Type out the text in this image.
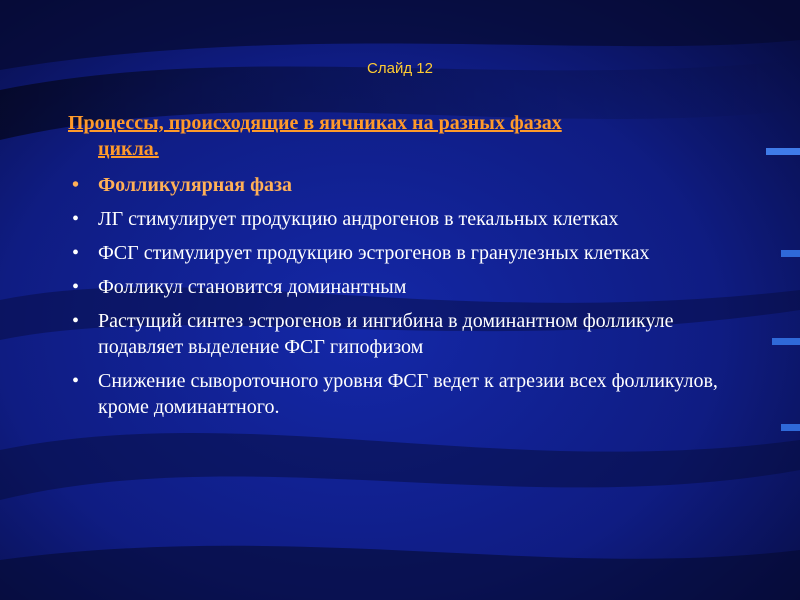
Слайд 12
Процессы, происходящие в яичниках на разных фазах
цикла.
• Фолликулярная фаза
• ЛГ стимулирует продукцию андрогенов в текальных клетках
• ФСГ стимулирует продукцию эстрогенов в гранулезных клетках
• Фолликул становится доминантным
• Растущий синтез эстрогенов и ингибина в доминантном фолликуле подавляет выделение ФСГ гипофизом
• Снижение сывороточного уровня ФСГ ведет к атрезии всех фолликулов, кроме доминантного.
